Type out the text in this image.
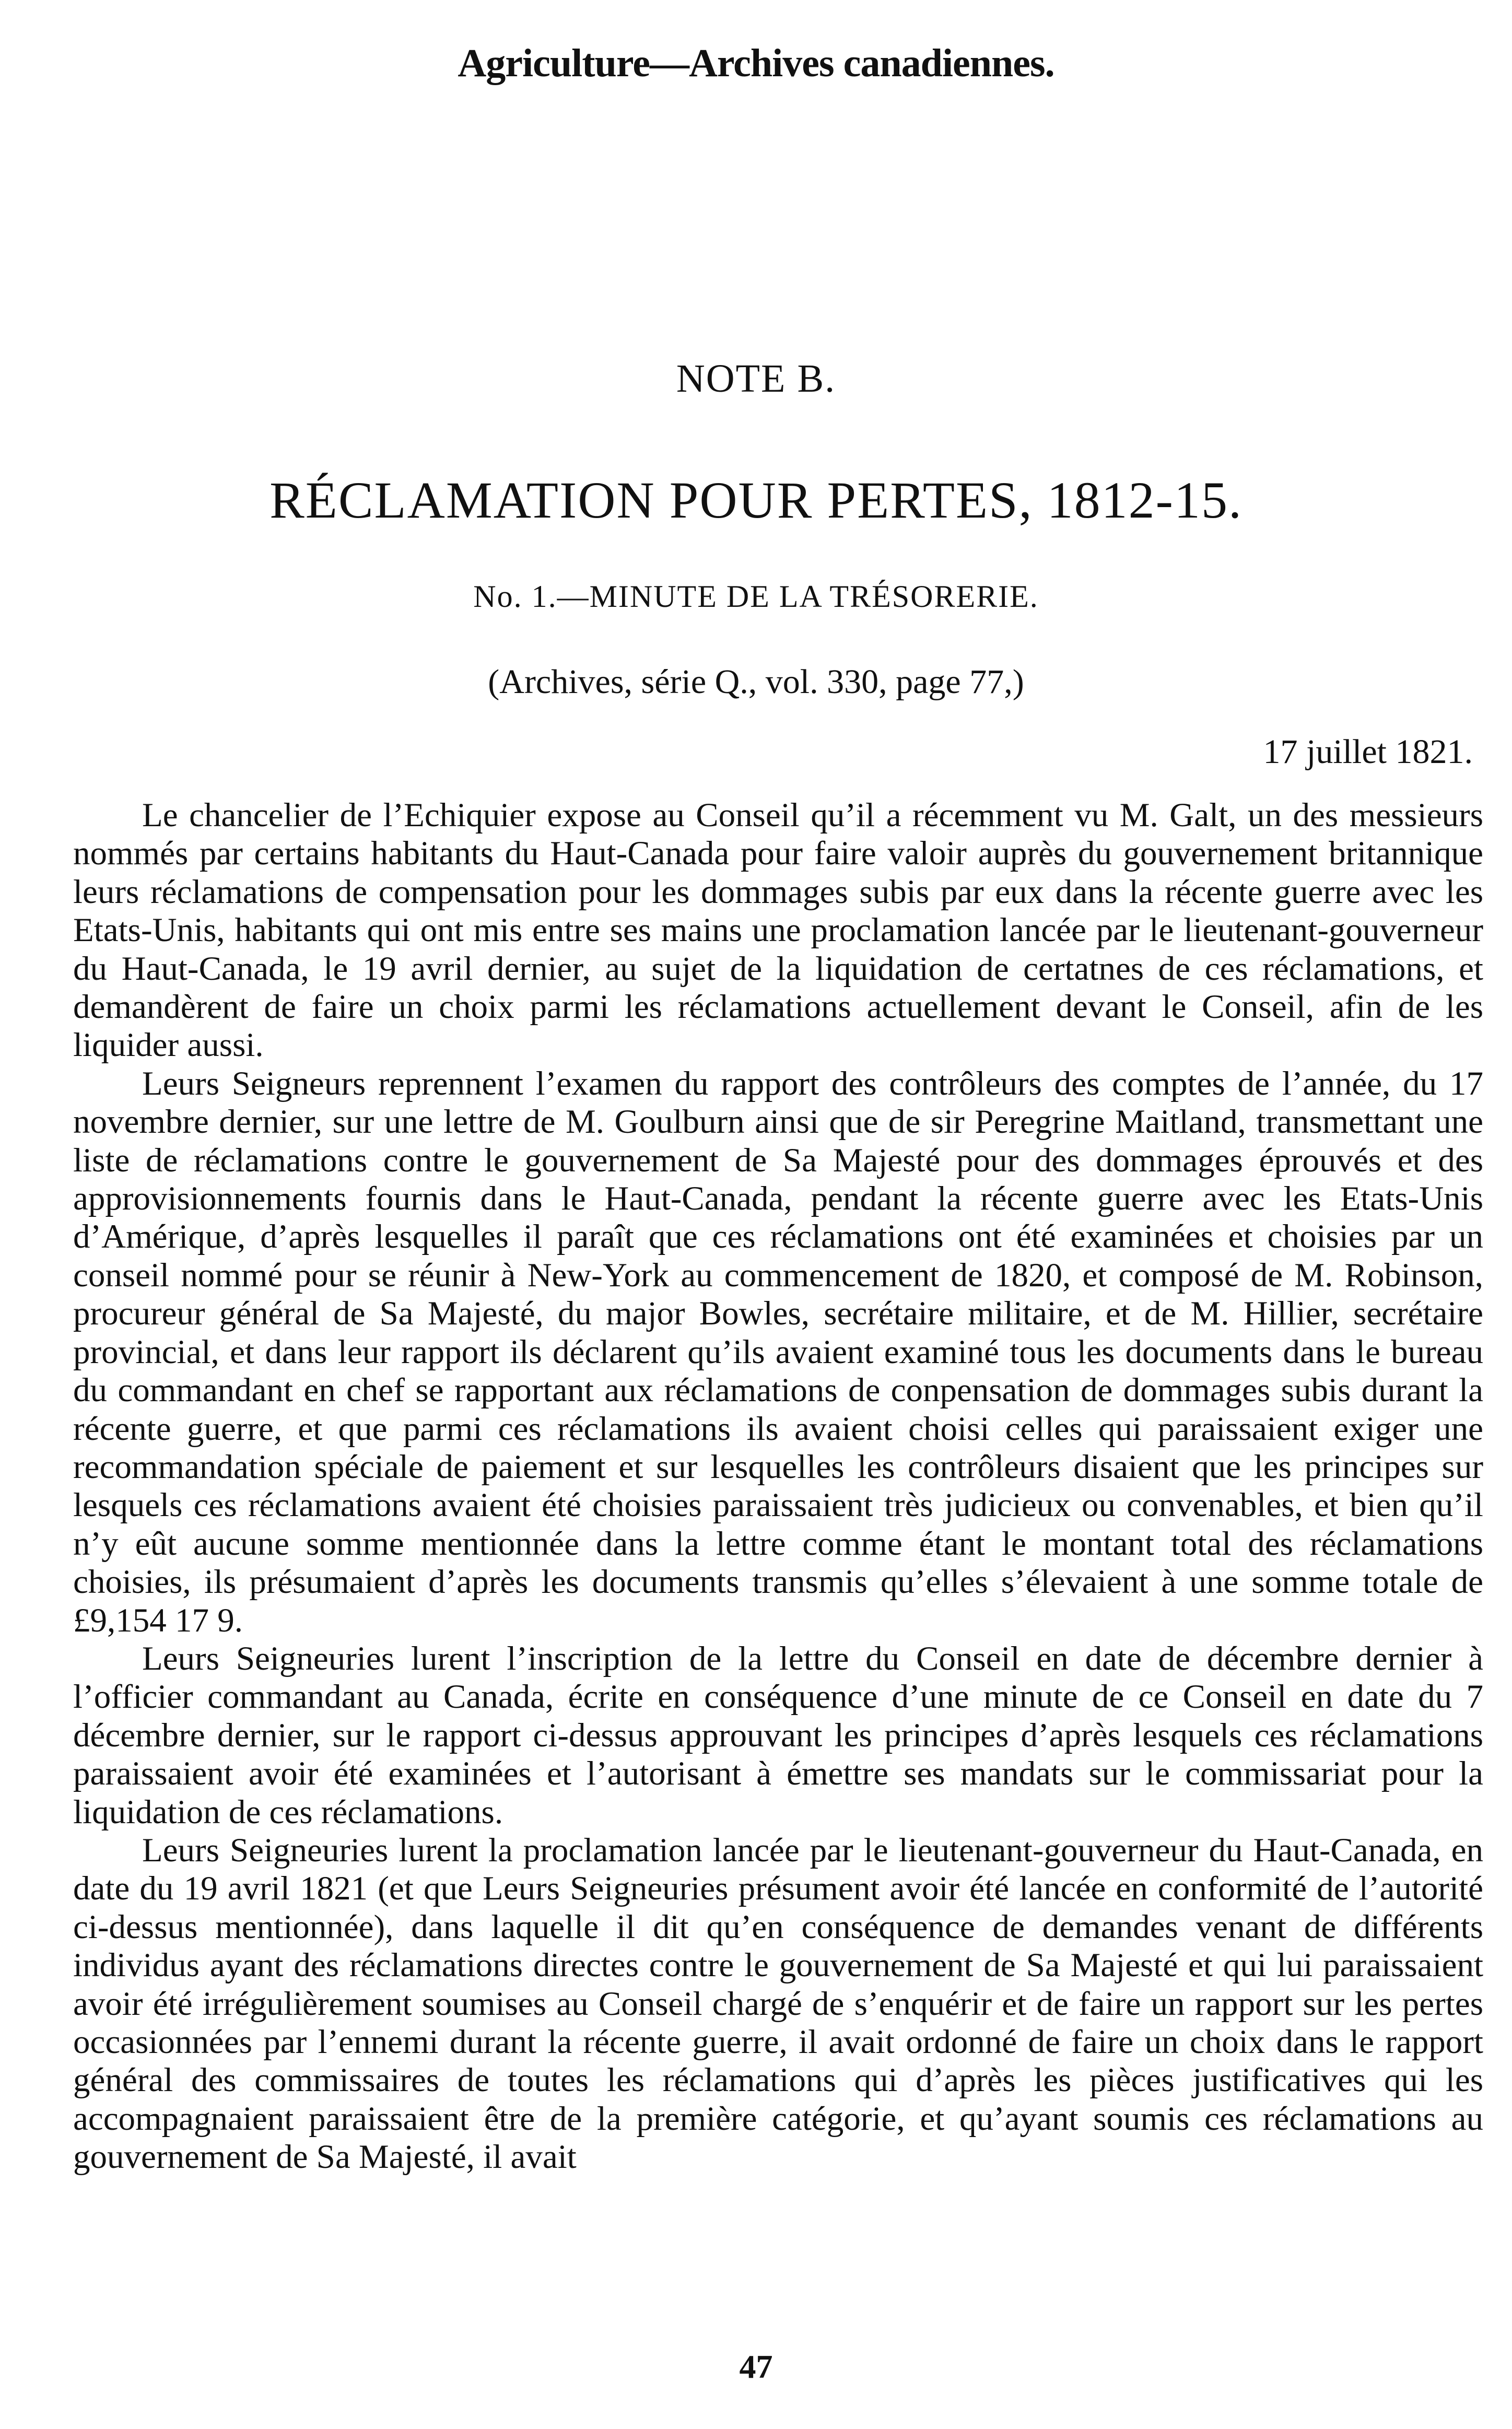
Agriculture—Archives canadiennes.
NOTE B.
RÉCLAMATION POUR PERTES, 1812-15.
No. 1.—MINUTE DE LA TRÉSORERIE.
(Archives, série Q., vol. 330, page 77,)
17 juillet 1821.

Le chancelier de l’Echiquier expose au Conseil qu’il a récemment vu M. Galt, un des messieurs nommés par certains habitants du Haut-Canada pour faire valoir auprès du gouvernement britannique leurs réclamations de compensation pour les dommages subis par eux dans la récente guerre avec les Etats-Unis, habitants qui ont mis entre ses mains une proclamation lancée par le lieutenant-gouverneur du Haut-Canada, le 19 avril dernier, au sujet de la liquidation de certatnes de ces réclamations, et demandèrent de faire un choix parmi les réclamations actuellement devant le Conseil, afin de les liquider aussi.

Leurs Seigneurs reprennent l’examen du rapport des contrôleurs des comptes de l’année, du 17 novembre dernier, sur une lettre de M. Goulburn ainsi que de sir Peregrine Maitland, transmettant une liste de réclamations contre le gouvernement de Sa Majesté pour des dommages éprouvés et des approvisionnements fournis dans le Haut-Canada, pendant la récente guerre avec les Etats-Unis d’Amérique, d’après lesquelles il paraît que ces réclamations ont été examinées et choisies par un conseil nommé pour se réunir à New-York au commencement de 1820, et composé de M. Robinson, procureur général de Sa Majesté, du major Bowles, secrétaire militaire, et de M. Hillier, secrétaire provincial, et dans leur rapport ils déclarent qu’ils avaient examiné tous les documents dans le bureau du commandant en chef se rapportant aux réclamations de conpensation de dommages subis durant la récente guerre, et que parmi ces réclamations ils avaient choisi celles qui paraissaient exiger une recommandation spéciale de paiement et sur lesquelles les contrôleurs disaient que les principes sur lesquels ces réclamations avaient été choisies paraissaient très judicieux ou convenables, et bien qu’il n’y eût aucune somme mentionnée dans la lettre comme étant le montant total des réclamations choisies, ils présumaient d’après les documents transmis qu’elles s’élevaient à une somme totale de £9,154 17 9.

Leurs Seigneuries lurent l’inscription de la lettre du Conseil en date de décembre dernier à l’officier commandant au Canada, écrite en conséquence d’une minute de ce Conseil en date du 7 décembre dernier, sur le rapport ci-dessus approuvant les principes d’après lesquels ces réclamations paraissaient avoir été examinées et l’autorisant à émettre ses mandats sur le commissariat pour la liquidation de ces réclamations.

Leurs Seigneuries lurent la proclamation lancée par le lieutenant-gouverneur du Haut-Canada, en date du 19 avril 1821 (et que Leurs Seigneuries présument avoir été lancée en conformité de l’autorité ci-dessus mentionnée), dans laquelle il dit qu’en conséquence de demandes venant de différents individus ayant des réclamations directes contre le gouvernement de Sa Majesté et qui lui paraissaient avoir été irrégulièrement soumises au Conseil chargé de s’enquérir et de faire un rapport sur les pertes occasionnées par l’ennemi durant la récente guerre, il avait ordonné de faire un choix dans le rapport général des commissaires de toutes les réclamations qui d’après les pièces justificatives qui les accompagnaient paraissaient être de la première catégorie, et qu’ayant soumis ces réclamations au gouvernement de Sa Majesté, il avait

47
